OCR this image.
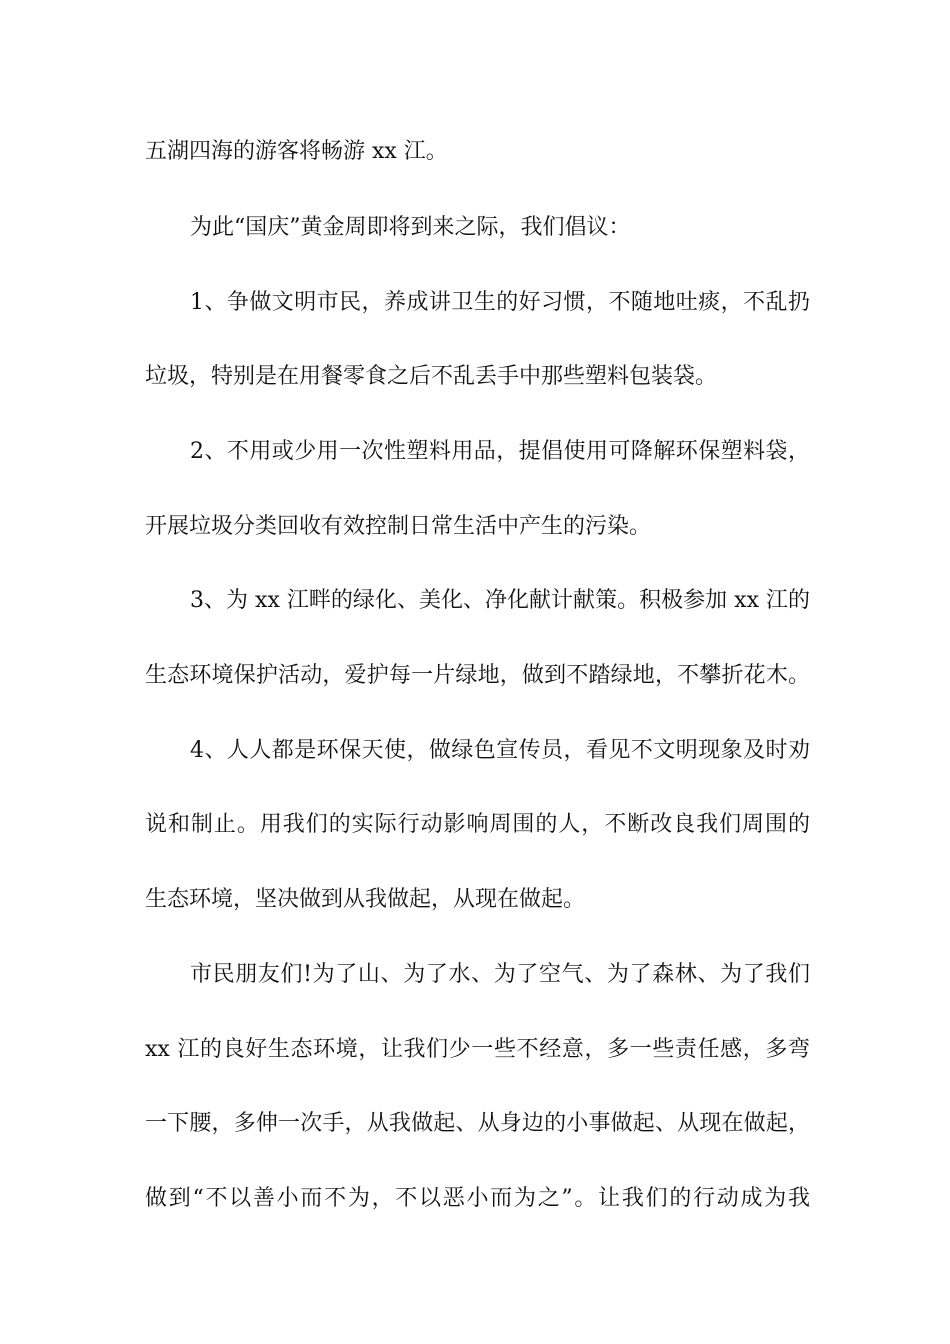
五湖四海的游客将畅游 xx 江。
为此“国庆”黄金周即将到来之际，我们倡议：
1、争做文明市民，养成讲卫生的好习惯，不随地吐痰，不乱扔
垃圾，特别是在用餐零食之后不乱丢手中那些塑料包装袋。
2、不用或少用一次性塑料用品，提倡使用可降解环保塑料袋，
开展垃圾分类回收有效控制日常生活中产生的污染。
3、为 xx 江畔的绿化、美化、净化献计献策。积极参加 xx 江的
生态环境保护活动，爱护每一片绿地，做到不踏绿地，不攀折花木。
4、人人都是环保天使，做绿色宣传员，看见不文明现象及时劝
说和制止。用我们的实际行动影响周围的人，不断改良我们周围的
生态环境，坚决做到从我做起，从现在做起。
市民朋友们!为了山、为了水、为了空气、为了森林、为了我们
xx 江的良好生态环境，让我们少一些不经意，多一些责任感，多弯
一下腰，多伸一次手，从我做起、从身边的小事做起、从现在做起，
做到“不以善小而不为，不以恶小而为之”。让我们的行动成为我
